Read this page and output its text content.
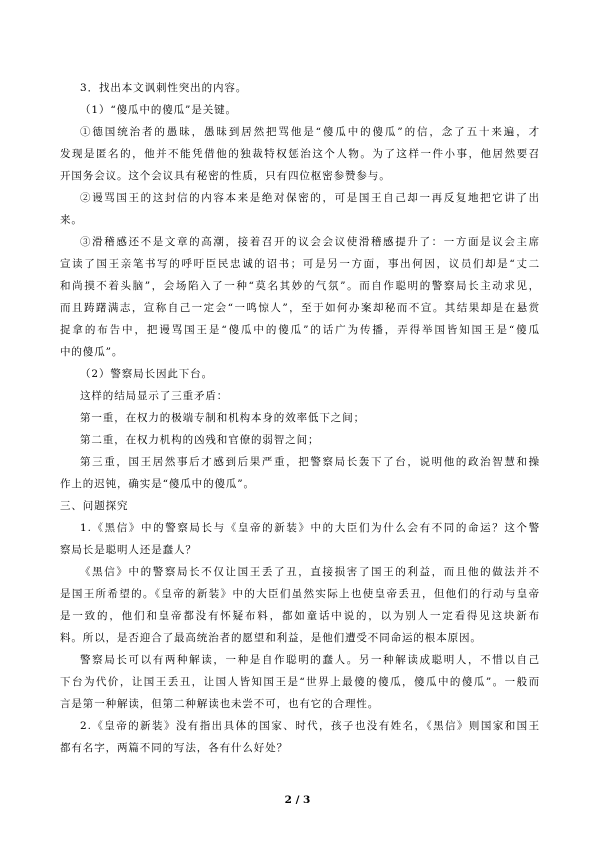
3．找出本文讽刺性突出的内容。
（1）“傻瓜中的傻瓜”是关键。
①德国统治者的愚昧，愚昧到居然把骂他是“傻瓜中的傻瓜”的信，念了五十来遍，才
发现是匿名的，他并不能凭借他的独裁特权惩治这个人物。为了这样一件小事，他居然要召
开国务会议。这个会议具有秘密的性质，只有四位枢密参赞参与。
②谩骂国王的这封信的内容本来是绝对保密的，可是国王自己却一再反复地把它讲了出
来。
③滑稽感还不是文章的高潮，接着召开的议会会议使滑稽感提升了：一方面是议会主席
宣读了国王亲笔书写的呼吁臣民忠诚的诏书；可是另一方面，事出何因，议员们却是“丈二
和尚摸不着头脑”，会场陷入了一种“莫名其妙的气氛”。而自作聪明的警察局长主动求见，
而且踌躇满志，宣称自己一定会“一鸣惊人”，至于如何办案却秘而不宣。其结果却是在悬赏
捉拿的布告中，把谩骂国王是“傻瓜中的傻瓜”的话广为传播，弄得举国皆知国王是“傻瓜
中的傻瓜”。
（2）警察局长因此下台。
这样的结局显示了三重矛盾：
第一重，在权力的极端专制和机构本身的效率低下之间；
第二重，在权力机构的凶残和官僚的弱智之间；
第三重，国王居然事后才感到后果严重，把警察局长轰下了台，说明他的政治智慧和操
作上的迟钝，确实是“傻瓜中的傻瓜”。
三、问题探究
1.《黑信》中的警察局长与《皇帝的新装》中的大臣们为什么会有不同的命运？这个警
察局长是聪明人还是蠢人？
《黑信》中的警察局长不仅让国王丢了丑，直接损害了国王的利益，而且他的做法并不
是国王所希望的。《皇帝的新装》中的大臣们虽然实际上也使皇帝丢丑，但他们的行动与皇帝
是一致的，他们和皇帝都没有怀疑布料，都如童话中说的，以为别人一定看得见这块新布
料。所以，是否迎合了最高统治者的愿望和利益，是他们遭受不同命运的根本原因。
警察局长可以有两种解读，一种是自作聪明的蠢人。另一种解读成聪明人，不惜以自己
下台为代价，让国王丢丑，让国人皆知国王是“世界上最傻的傻瓜，傻瓜中的傻瓜”。一般而
言是第一种解读，但第二种解读也未尝不可，也有它的合理性。
2.《皇帝的新装》没有指出具体的国家、时代，孩子也没有姓名，《黑信》则国家和国王
都有名字，两篇不同的写法，各有什么好处？
2 / 3
